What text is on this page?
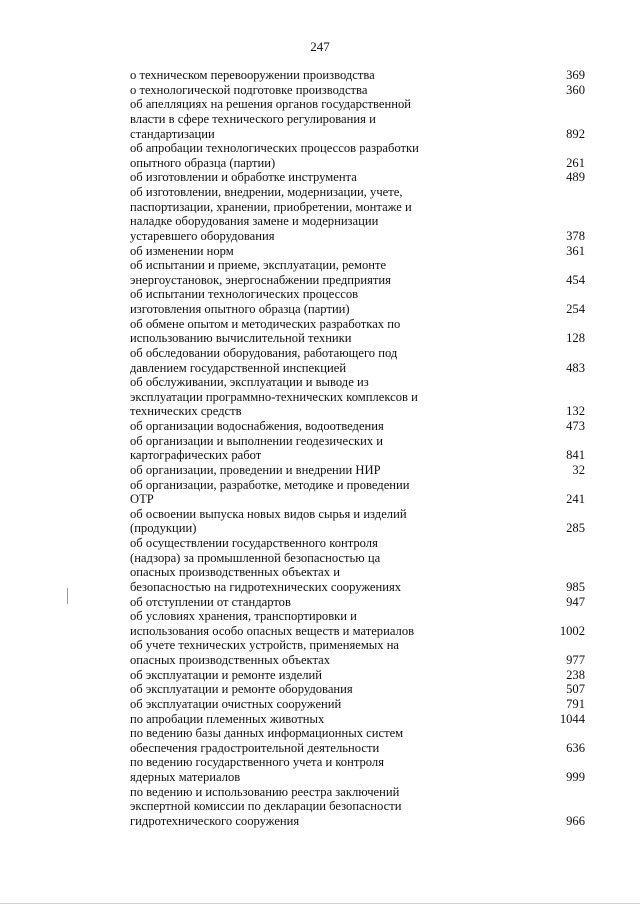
247
о техническом перевооружении производства	369
о технологической подготовке производства	360
об апелляциях на решения органов государственной
власти в сфере технического регулирования и
стандартизации	892
об апробации технологических процессов разработки
опытного образца (партии)	261
об изготовлении и обработке инструмента	489
об изготовлении, внедрении, модернизации, учете,
паспортизации, хранении, приобретении, монтаже и
наладке оборудования замене и модернизации
устаревшего оборудования	378
об изменении норм	361
об испытании и приеме, эксплуатации, ремонте
энергоустановок, энергоснабжении предприятия	454
об испытании технологических процессов
изготовления опытного образца (партии)	254
об обмене опытом и методических разработках по
использованию вычислительной техники	128
об обследовании оборудования, работающего под
давлением государственной инспекцией	483
об обслуживании, эксплуатации и выводе из
эксплуатации программно-технических комплексов и
технических средств	132
об организации водоснабжения, водоотведения	473
об организации и выполнении геодезических и
картографических работ	841
об организации, проведении и внедрении НИР	32
об организации, разработке, методике и проведении
ОТР	241
об освоении выпуска новых видов сырья и изделий
(продукции)	285
об осуществлении государственного контроля
(надзора) за промышленной безопасностью ца
опасных производственных объектах и
безопасностью на гидротехнических сооружениях	985
об отступлении от стандартов	947
об условиях хранения, транспортировки и
использования особо опасных веществ и материалов	1002
об учете технических устройств, применяемых на
опасных производственных объектах	977
об эксплуатации и ремонте изделий	238
об эксплуатации и ремонте оборудования	507
об эксплуатации очистных сооружений	791
по апробации племенных животных	1044
по ведению базы данных информационных систем
обеспечения градостроительной деятельности	636
по ведению государственного учета и контроля
ядерных материалов	999
по ведению и использованию реестра заключений
экспертной комиссии по декларации безопасности
гидротехнического сооружения	966
